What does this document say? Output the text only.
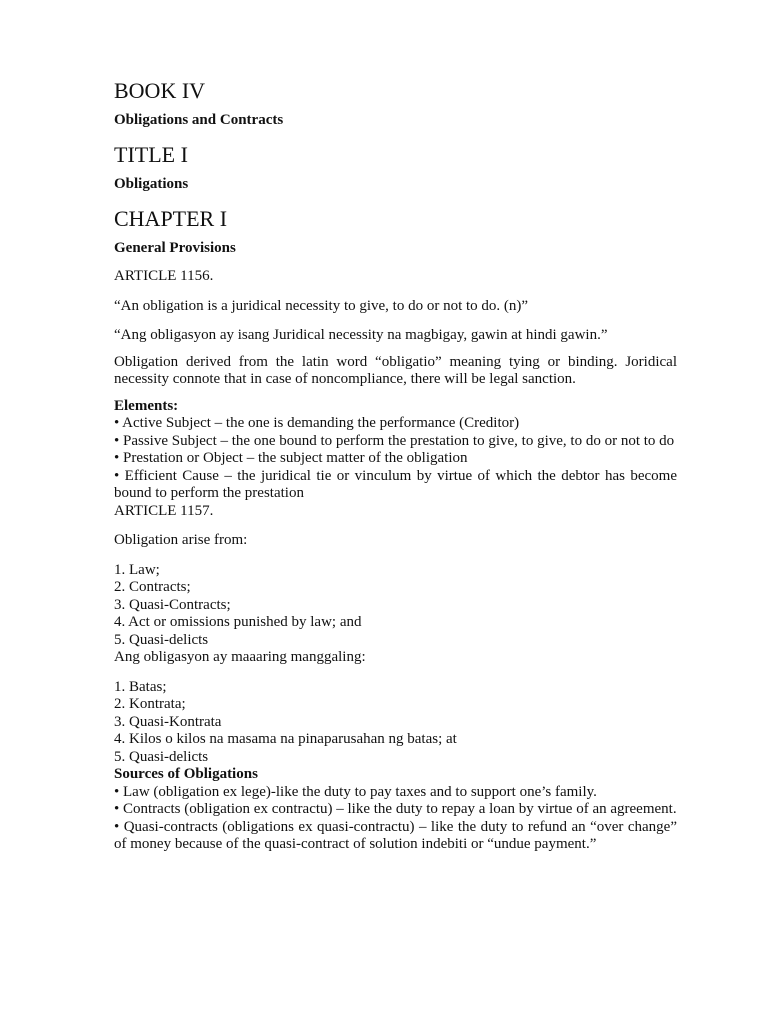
BOOK IV
Obligations and Contracts
TITLE I
Obligations
CHAPTER I
General Provisions

ARTICLE 1156.

“An obligation is a juridical necessity to give, to do or not to do. (n)”

“Ang obligasyon ay isang Juridical necessity na magbigay, gawin at hindi gawin.”

Obligation derived from the latin word “obligatio” meaning tying or binding. Joridical necessity connote that in case of noncompliance, there will be legal sanction.

Elements:
• Active Subject – the one is demanding the performance (Creditor)
• Passive Subject – the one bound to perform the prestation to give, to give, to do or not to do
• Prestation or Object – the subject matter of the obligation
• Efficient Cause – the juridical tie or vinculum by virtue of which the debtor has become bound to perform the prestation

ARTICLE 1157.

Obligation arise from:

1. Law;
2. Contracts;
3. Quasi-Contracts;
4. Act or omissions punished by law; and
5. Quasi-delicts

Ang obligasyon ay maaaring manggaling:

1. Batas;
2. Kontrata;
3. Quasi-Kontrata
4. Kilos o kilos na masama na pinaparusahan ng batas; at
5. Quasi-delicts
Sources of Obligations
• Law (obligation ex lege)-like the duty to pay taxes and to support one’s family.
• Contracts (obligation ex contractu) – like the duty to repay a loan by virtue of an agreement.
• Quasi-contracts (obligations ex quasi-contractu) – like the duty to refund an “over change” of money because of the quasi-contract of solution indebiti or “undue payment.”
